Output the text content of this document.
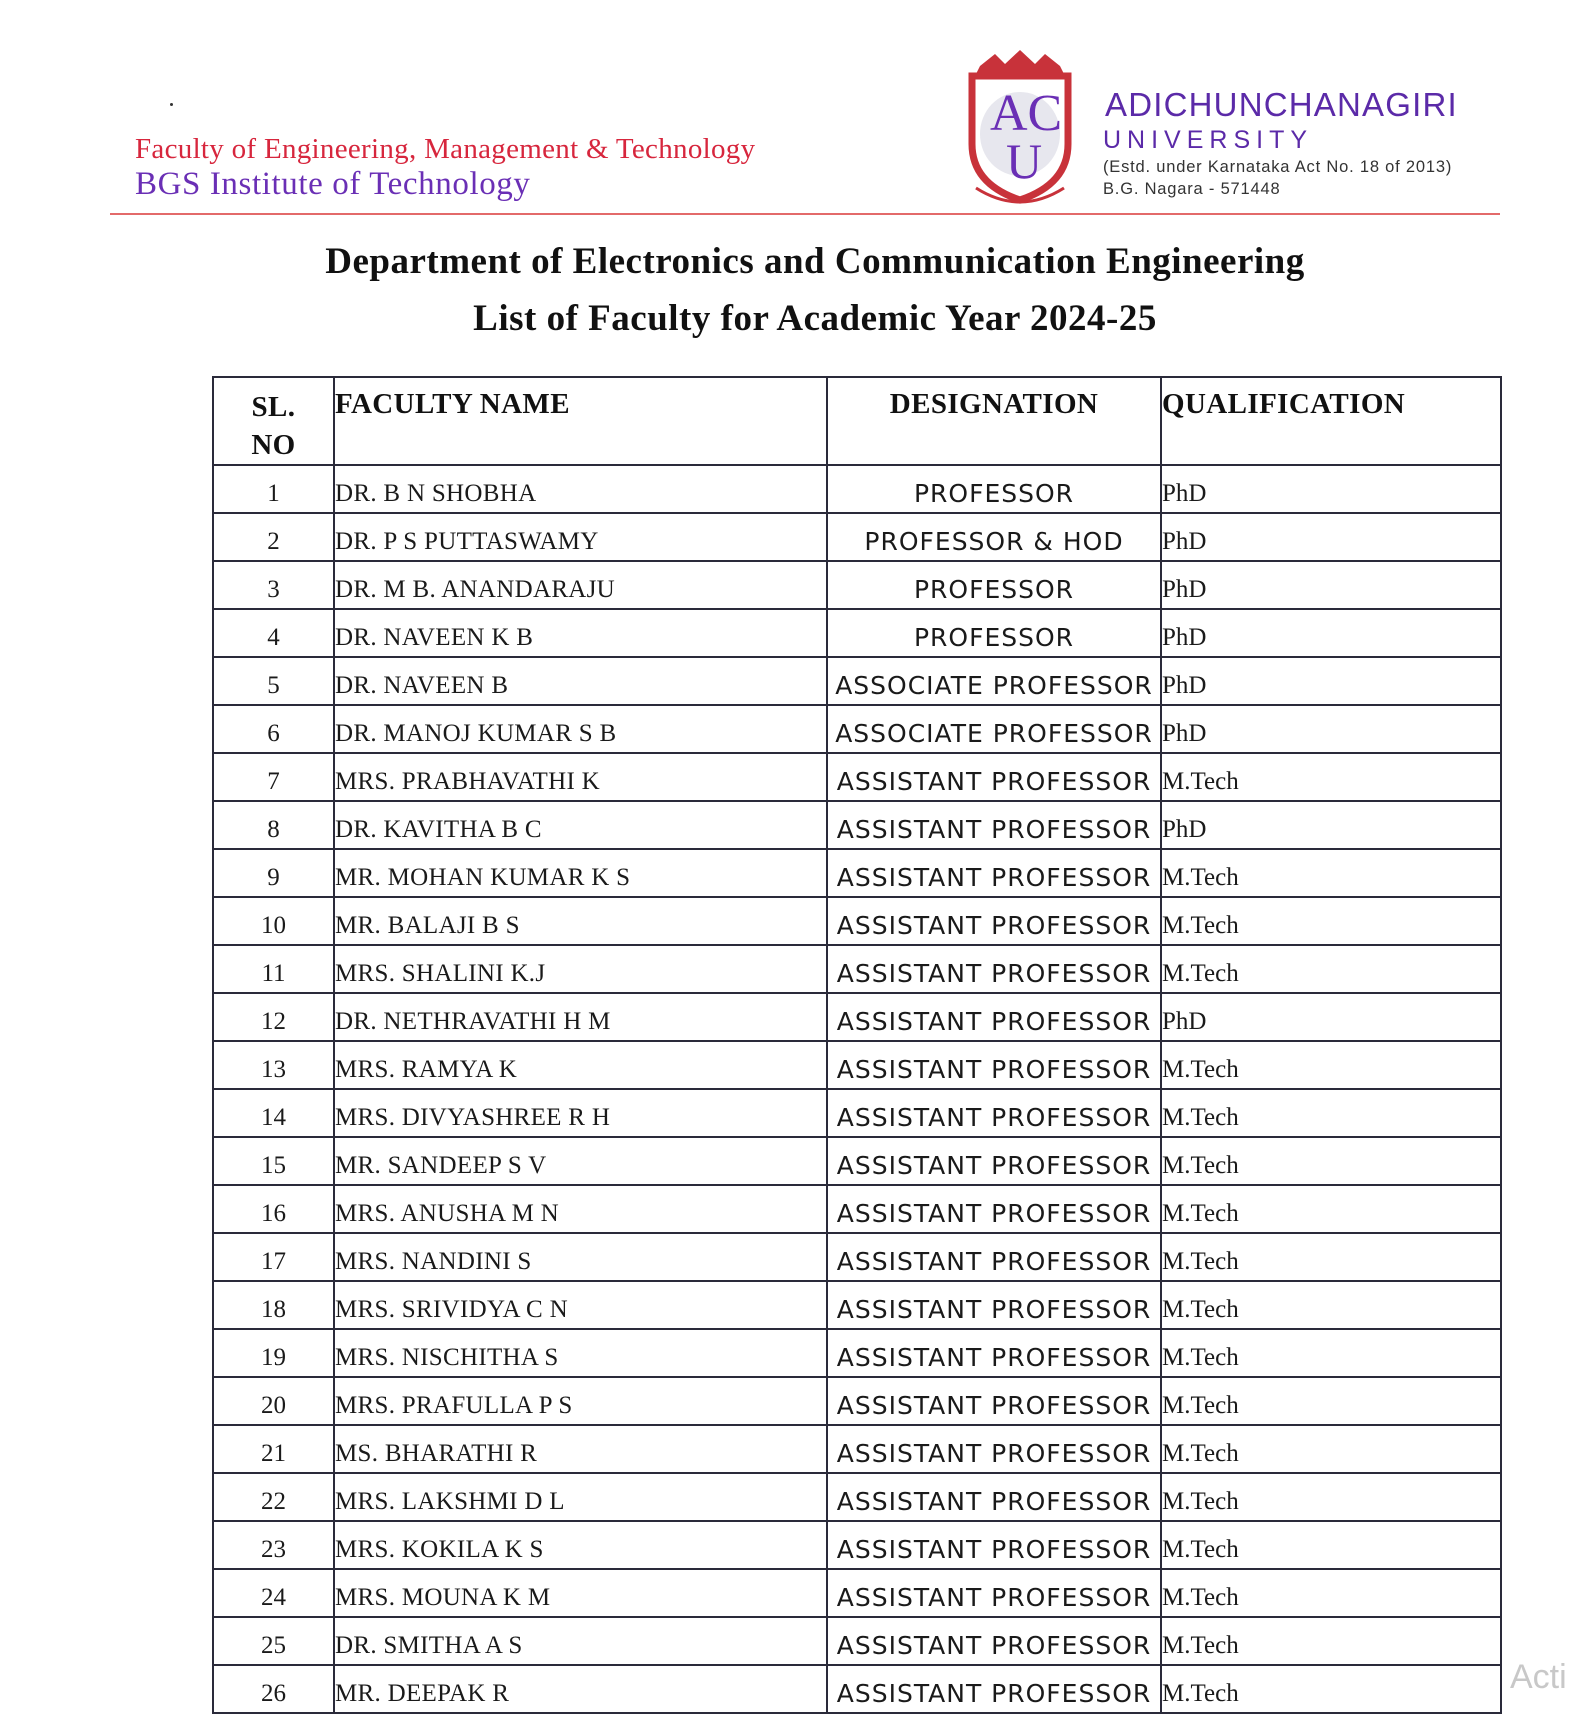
Faculty of Engineering, Management & Technology
BGS Institute of Technology
AC
U
ADICHUNCHANAGIRI
UNIVERSITY
(Estd. under Karnataka Act No. 18 of 2013)
B.G. Nagara - 571448
Department of Electronics and Communication Engineering
List of Faculty for Academic Year 2024-25
SL.
NO	FACULTY NAME	DESIGNATION	QUALIFICATION
1	DR. B N SHOBHA	PROFESSOR	PhD
2	DR. P S PUTTASWAMY	PROFESSOR & HOD	PhD
3	DR. M B. ANANDARAJU	PROFESSOR	PhD
4	DR. NAVEEN K B	PROFESSOR	PhD
5	DR. NAVEEN B	ASSOCIATE PROFESSOR	PhD
6	DR. MANOJ KUMAR S B	ASSOCIATE PROFESSOR	PhD
7	MRS. PRABHAVATHI K	ASSISTANT PROFESSOR	M.Tech
8	DR. KAVITHA B C	ASSISTANT PROFESSOR	PhD
9	MR. MOHAN KUMAR K S	ASSISTANT PROFESSOR	M.Tech
10	MR. BALAJI B S	ASSISTANT PROFESSOR	M.Tech
11	MRS. SHALINI K.J	ASSISTANT PROFESSOR	M.Tech
12	DR. NETHRAVATHI H M	ASSISTANT PROFESSOR	PhD
13	MRS. RAMYA K	ASSISTANT PROFESSOR	M.Tech
14	MRS. DIVYASHREE R H	ASSISTANT PROFESSOR	M.Tech
15	MR. SANDEEP S V	ASSISTANT PROFESSOR	M.Tech
16	MRS. ANUSHA M N	ASSISTANT PROFESSOR	M.Tech
17	MRS. NANDINI S	ASSISTANT PROFESSOR	M.Tech
18	MRS. SRIVIDYA C N	ASSISTANT PROFESSOR	M.Tech
19	MRS. NISCHITHA S	ASSISTANT PROFESSOR	M.Tech
20	MRS. PRAFULLA P S	ASSISTANT PROFESSOR	M.Tech
21	MS. BHARATHI R	ASSISTANT PROFESSOR	M.Tech
22	MRS. LAKSHMI D L	ASSISTANT PROFESSOR	M.Tech
23	MRS. KOKILA K S	ASSISTANT PROFESSOR	M.Tech
24	MRS. MOUNA K M	ASSISTANT PROFESSOR	M.Tech
25	DR. SMITHA A S	ASSISTANT PROFESSOR	M.Tech
26	MR. DEEPAK R	ASSISTANT PROFESSOR	M.Tech	Acti
